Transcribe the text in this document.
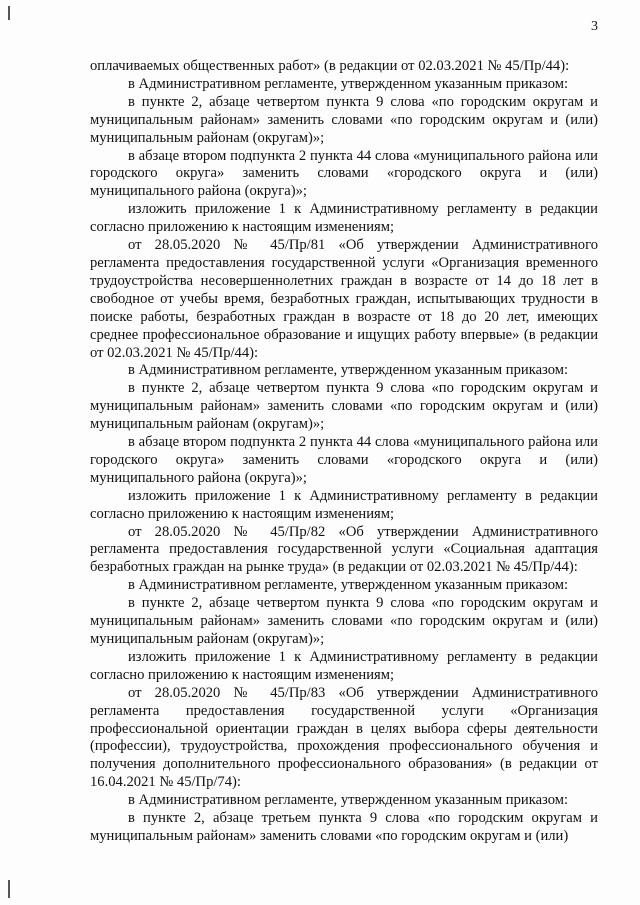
3

оплачиваемых общественных работ» (в редакции от 02.03.2021 № 45/Пр/44):

в Административном регламенте, утвержденном указанным приказом:

в пункте 2, абзаце четвертом пункта 9 слова «по городским округам и муниципальным районам» заменить словами «по городским округам и (или) муниципальным районам (округам)»;

в абзаце втором подпункта 2 пункта 44 слова «муниципального района или городского округа» заменить словами «городского округа и (или) муниципального района (округа)»;

изложить приложение 1 к Административному регламенту в редакции согласно приложению к настоящим изменениям;

от 28.05.2020 № 45/Пр/81 «Об утверждении Административного регламента предоставления государственной услуги «Организация временного трудоустройства несовершеннолетних граждан в возрасте от 14 до 18 лет в свободное от учебы время, безработных граждан, испытывающих трудности в поиске работы, безработных граждан в возрасте от 18 до 20 лет, имеющих среднее профессиональное образование и ищущих работу впервые» (в редакции от 02.03.2021 № 45/Пр/44):

в Административном регламенте, утвержденном указанным приказом:

в пункте 2, абзаце четвертом пункта 9 слова «по городским округам и муниципальным районам» заменить словами «по городским округам и (или) муниципальным районам (округам)»;

в абзаце втором подпункта 2 пункта 44 слова «муниципального района или городского округа» заменить словами «городского округа и (или) муниципального района (округа)»;

изложить приложение 1 к Административному регламенту в редакции согласно приложению к настоящим изменениям;

от 28.05.2020 № 45/Пр/82 «Об утверждении Административного регламента предоставления государственной услуги «Социальная адаптация безработных граждан на рынке труда» (в редакции от 02.03.2021 № 45/Пр/44):

в Административном регламенте, утвержденном указанным приказом:

в пункте 2, абзаце четвертом пункта 9 слова «по городским округам и муниципальным районам» заменить словами «по городским округам и (или) муниципальным районам (округам)»;

изложить приложение 1 к Административному регламенту в редакции согласно приложению к настоящим изменениям;

от 28.05.2020 № 45/Пр/83 «Об утверждении Административного регламента предоставления государственной услуги «Организация профессиональной ориентации граждан в целях выбора сферы деятельности (профессии), трудоустройства, прохождения профессионального обучения и получения дополнительного профессионального образования» (в редакции от 16.04.2021 № 45/Пр/74):

в Административном регламенте, утвержденном указанным приказом:

в пункте 2, абзаце третьем пункта 9 слова «по городским округам и муниципальным районам» заменить словами «по городским округам и (или)
